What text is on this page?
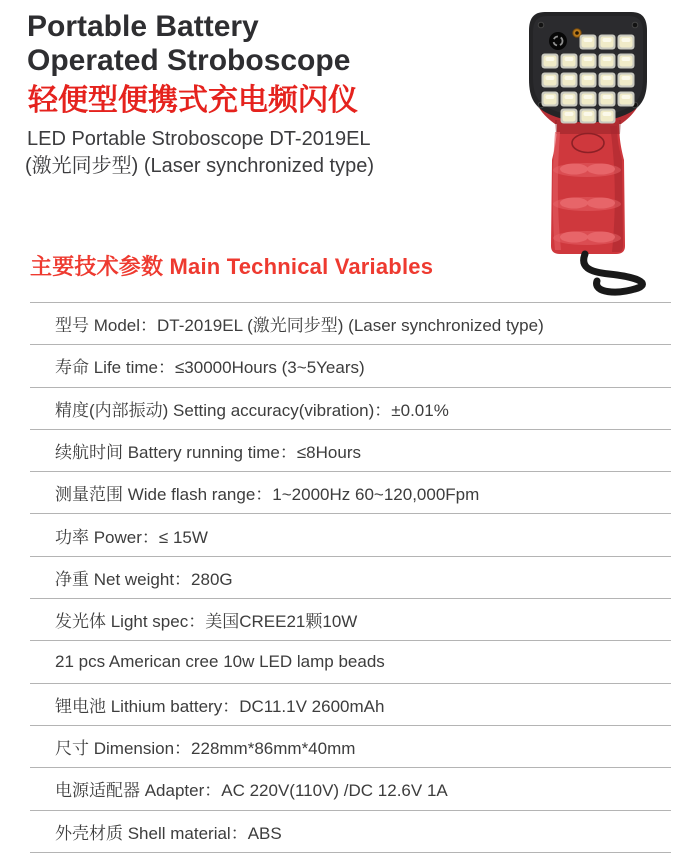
Portable Battery
Operated Stroboscope
轻便型便携式充电频闪仪

LED Portable Stroboscope DT-2019EL
(激光同步型) (Laser synchronized type)

主要技术参数 Main Technical Variables
型号 Model：DT-2019EL (激光同步型) (Laser synchronized type)
寿命 Life time：≤30000Hours (3~5Years)
精度(内部振动) Setting accuracy(vibration)：±0.01%
续航时间 Battery running time：≤8Hours
测量范围 Wide flash range：1~2000Hz 60~120,000Fpm
功率 Power：≤ 15W
净重 Net weight：280G
发光体 Light spec：美国CREE21颗10W
21 pcs American cree 10w LED lamp beads
锂电池 Lithium battery：DC11.1V 2600mAh
尺寸 Dimension：228mm*86mm*40mm
电源适配器 Adapter：AC 220V(110V) /DC 12.6V 1A
外壳材质 Shell material：ABS
